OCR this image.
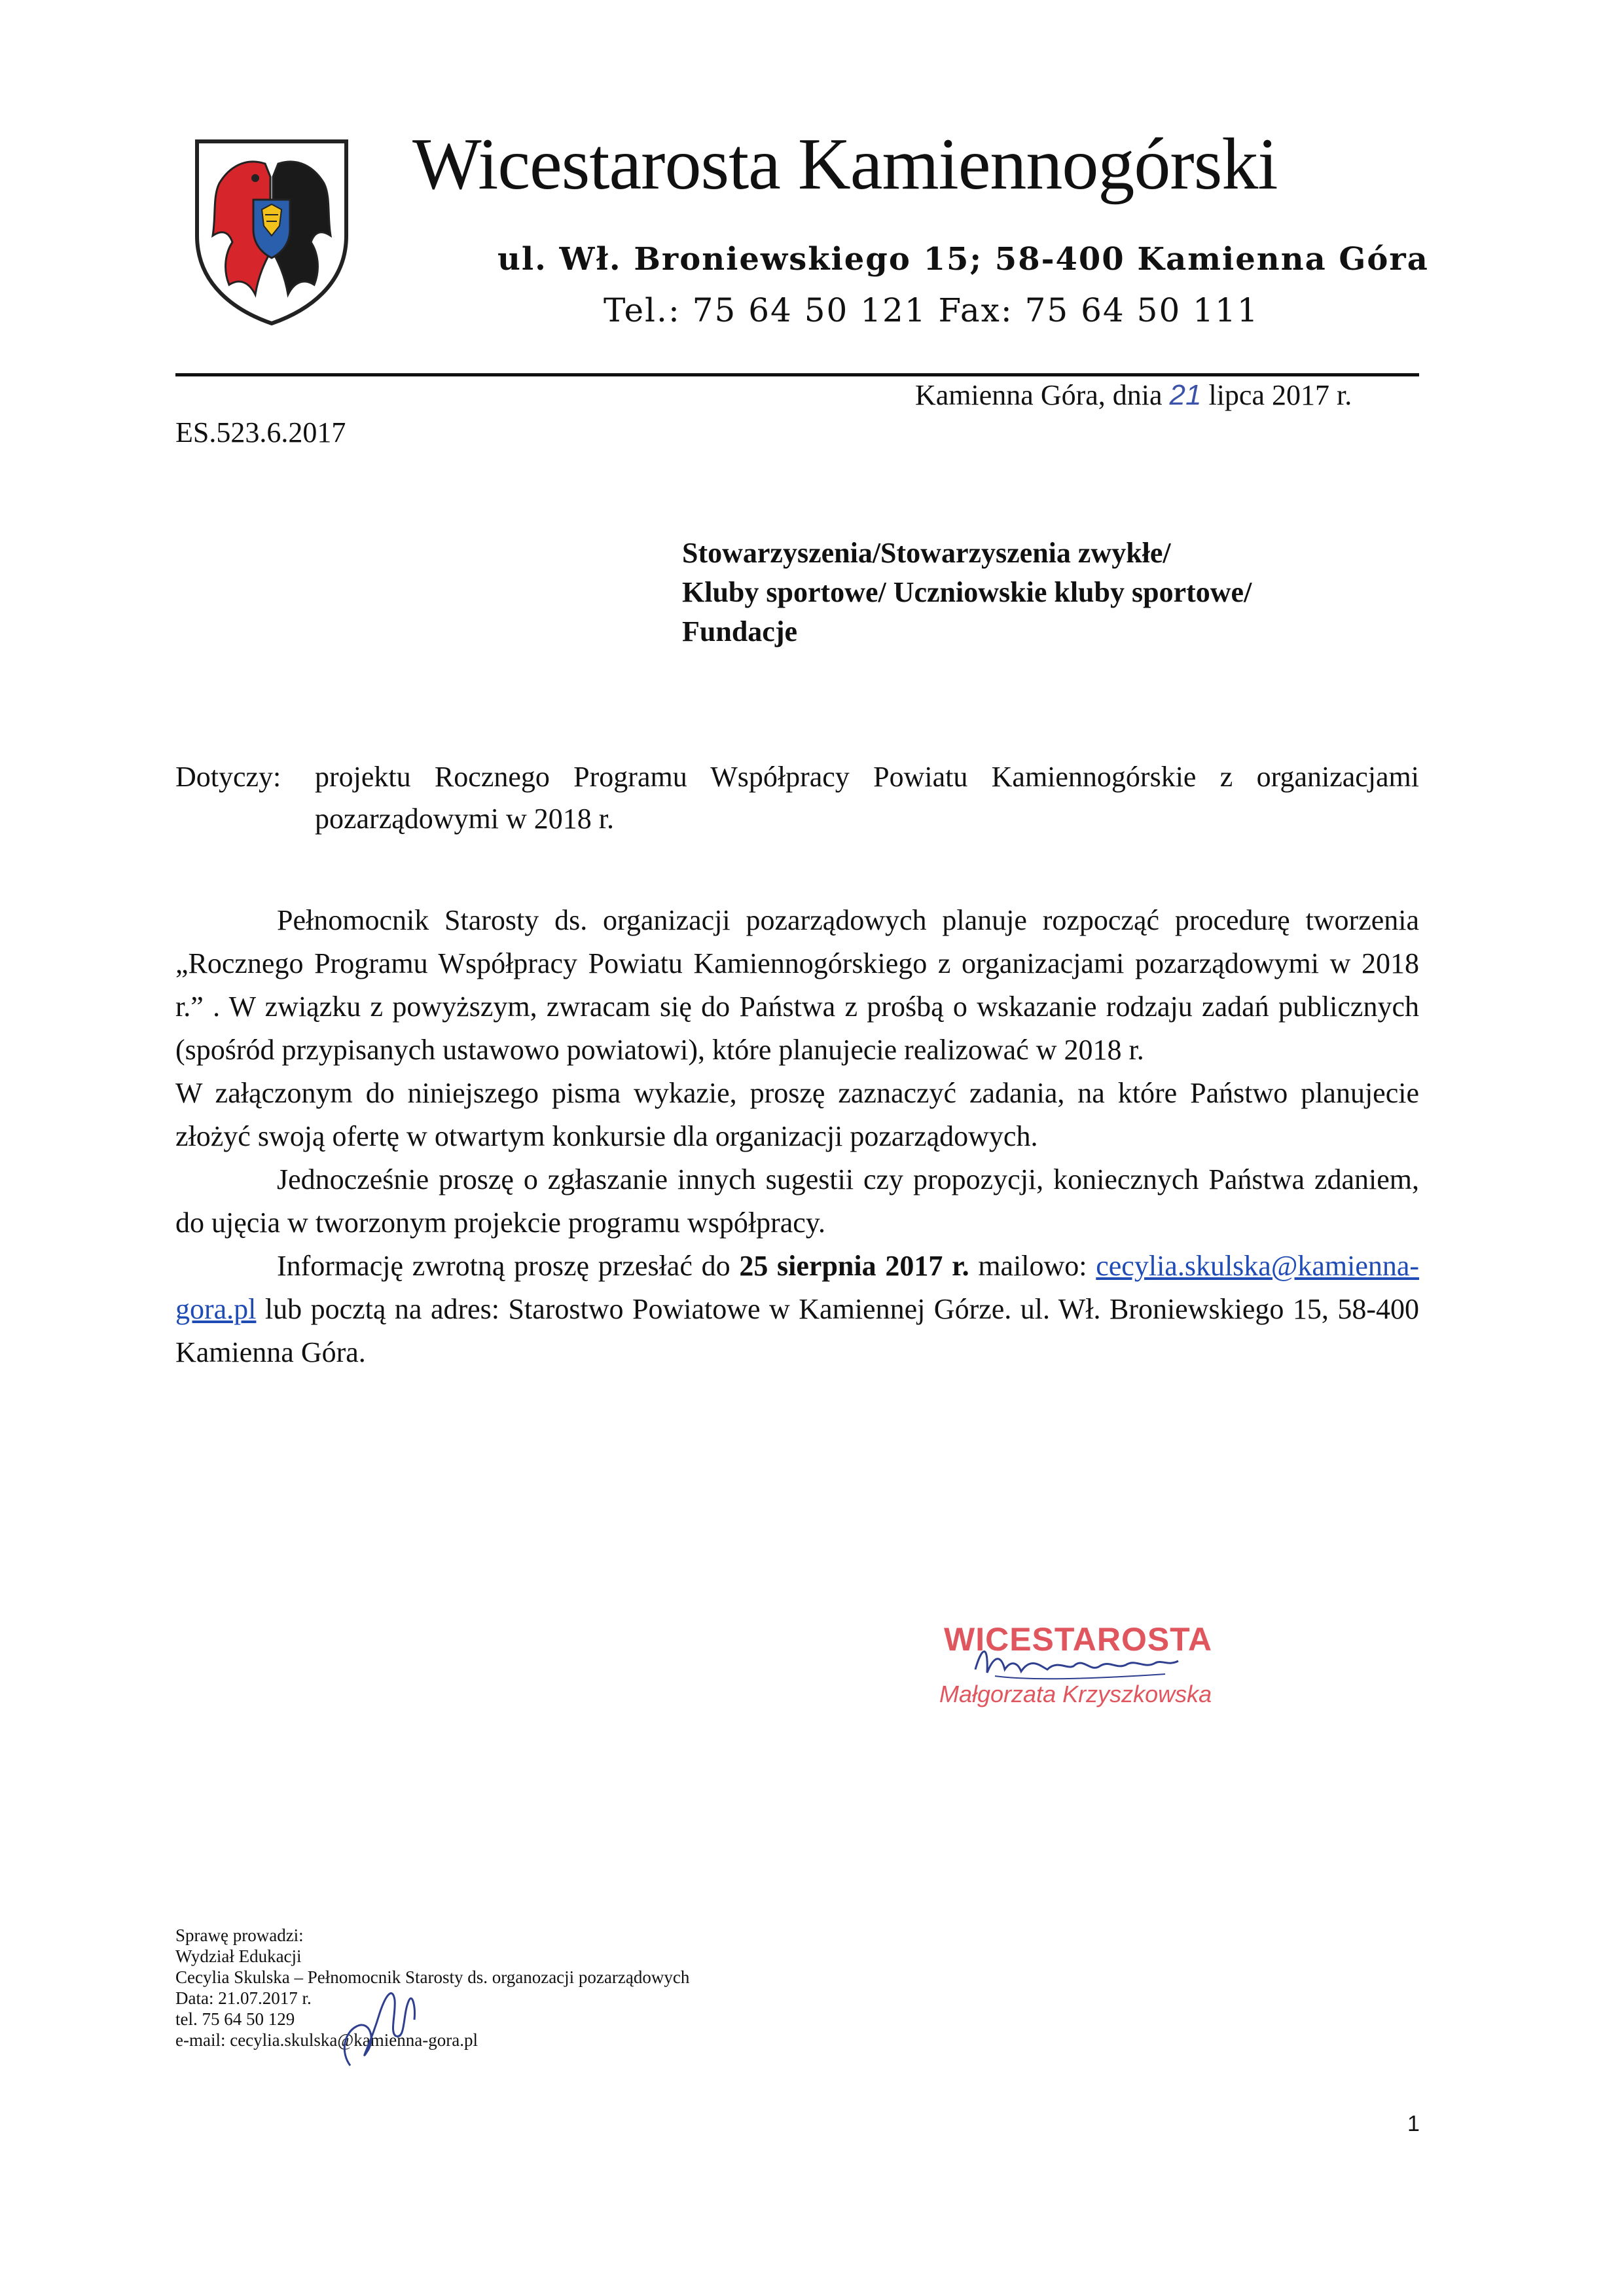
Wicestarosta Kamiennogórski
ul. Wł. Broniewskiego 15; 58-400 Kamienna Góra
Tel.: 75 64 50 121 Fax: 75 64 50 111
Kamienna Góra, dnia 21 lipca 2017 r.
ES.523.6.2017
Stowarzyszenia/Stowarzyszenia zwykłe/
Kluby sportowe/ Uczniowskie kluby sportowe/
Fundacje
Dotyczy: projektu Rocznego Programu Współpracy Powiatu Kamiennogórskie z organizacjami pozarządowymi w 2018 r.

Pełnomocnik Starosty ds. organizacji pozarządowych planuje rozpocząć procedurę tworzenia „Rocznego Programu Współpracy Powiatu Kamiennogórskiego z organizacjami pozarządowymi w 2018 r.” . W związku z powyższym, zwracam się do Państwa z prośbą o wskazanie rodzaju zadań publicznych (spośród przypisanych ustawowo powiatowi), które planujecie realizować w 2018 r.

W załączonym do niniejszego pisma wykazie, proszę zaznaczyć zadania, na które Państwo planujecie złożyć swoją ofertę w otwartym konkursie dla organizacji pozarządowych.

Jednocześnie proszę o zgłaszanie innych sugestii czy propozycji, koniecznych Państwa zdaniem, do ujęcia w tworzonym projekcie programu współpracy.

Informację zwrotną proszę przesłać do 25 sierpnia 2017 r. mailowo: cecylia.skulska@kamienna-gora.pl lub pocztą na adres: Starostwo Powiatowe w Kamiennej Górze. ul. Wł. Broniewskiego 15, 58-400 Kamienna Góra.

WICESTAROSTA
Małgorzata Krzyszkowska
Sprawę prowadzi:
Wydział Edukacji
Cecylia Skulska – Pełnomocnik Starosty ds. organozacji pozarządowych
Data: 21.07.2017 r.
tel. 75 64 50 129
e-mail: cecylia.skulska@kamienna-gora.pl
1
